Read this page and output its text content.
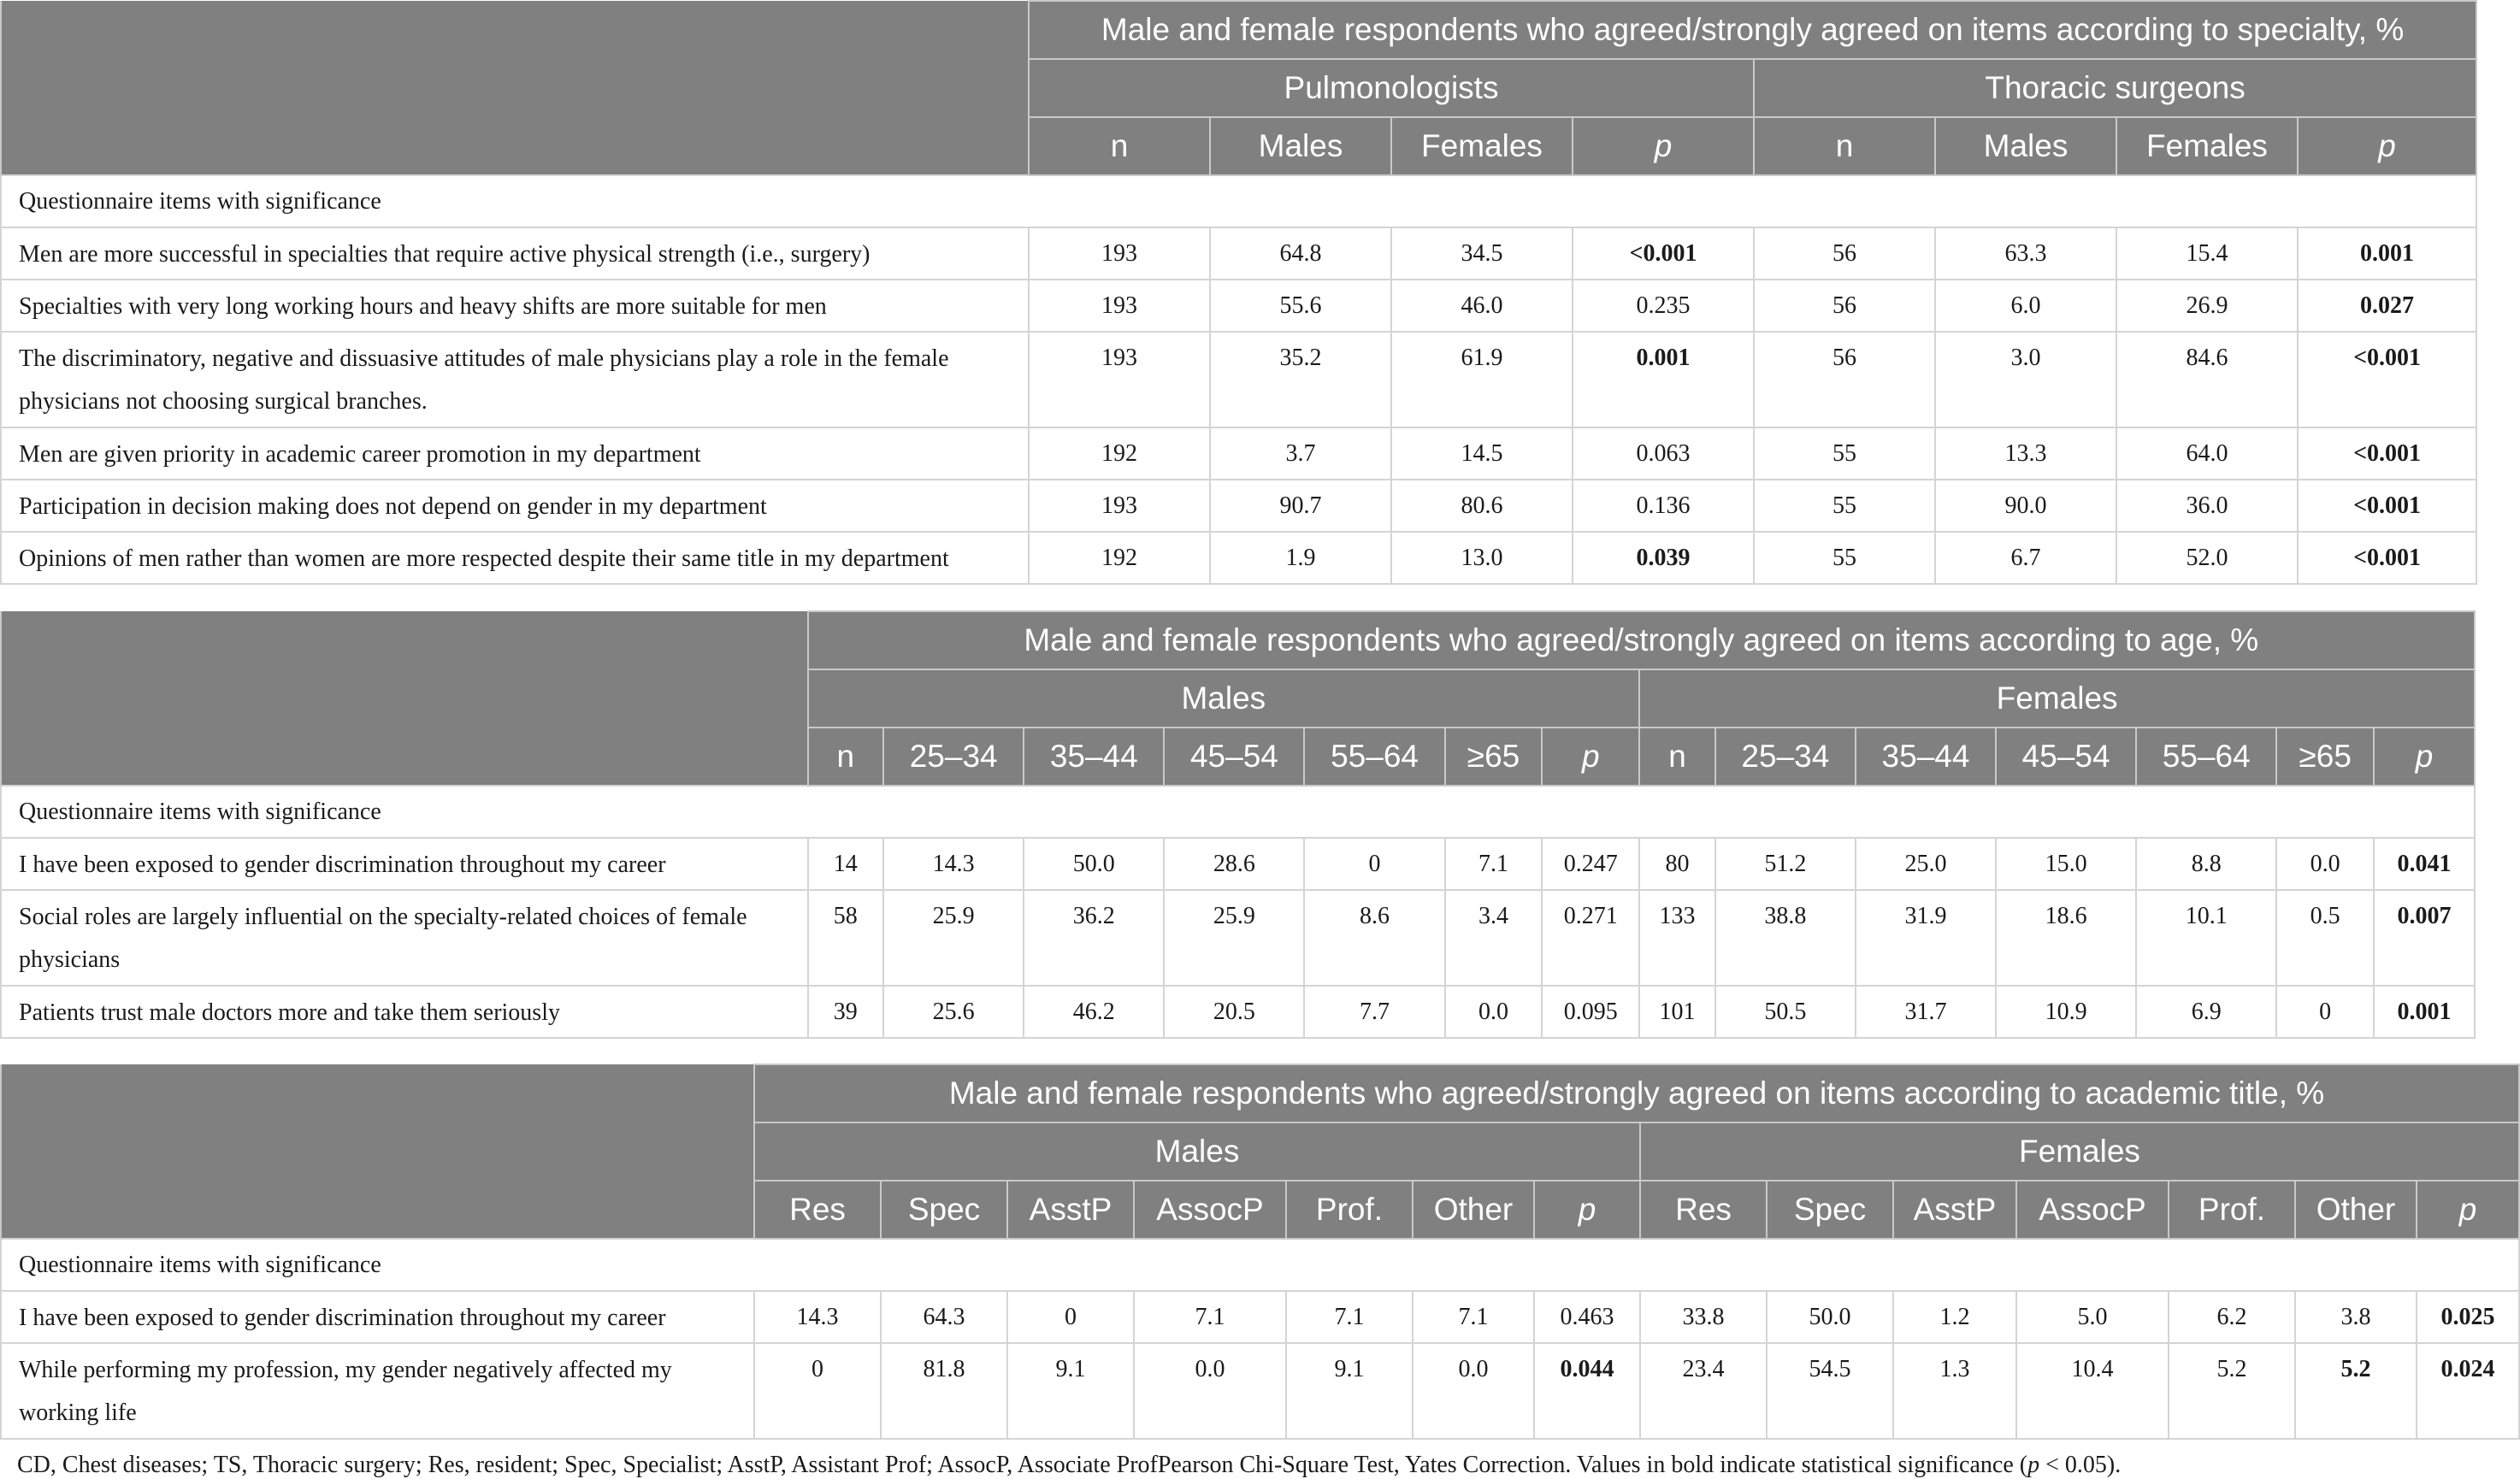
	Male and female respondents who agreed/strongly agreed on items according to specialty, %							
	Pulmonologists				Thoracic surgeons			
	n	Males	Females	p	n	Males	Females	p
Questionnaire items with significance								
Men are more successful in specialties that require active physical strength (i.e., surgery)	193	64.8	34.5	<0.001	56	63.3	15.4	0.001
Specialties with very long working hours and heavy shifts are more suitable for men	193	55.6	46.0	0.235	56	6.0	26.9	0.027
The discriminatory, negative and dissuasive attitudes of male physicians play a role in the female physicians not choosing surgical branches.	193	35.2	61.9	0.001	56	3.0	84.6	<0.001
Men are given priority in academic career promotion in my department	192	3.7	14.5	0.063	55	13.3	64.0	<0.001
Participation in decision making does not depend on gender in my department	193	90.7	80.6	0.136	55	90.0	36.0	<0.001
Opinions of men rather than women are more respected despite their same title in my department	192	1.9	13.0	0.039	55	6.7	52.0	<0.001
	Male and female respondents who agreed/strongly agreed on items according to age, %													
	Males							Females						
	n	25–34	35–44	45–54	55–64	≥65	p	n	25–34	35–44	45–54	55–64	≥65	p
Questionnaire items with significance														
I have been exposed to gender discrimination throughout my career	14	14.3	50.0	28.6	0	7.1	0.247	80	51.2	25.0	15.0	8.8	0.0	0.041
Social roles are largely influential on the specialty-related choices of female physicians	58	25.9	36.2	25.9	8.6	3.4	0.271	133	38.8	31.9	18.6	10.1	0.5	0.007
Patients trust male doctors more and take them seriously	39	25.6	46.2	20.5	7.7	0.0	0.095	101	50.5	31.7	10.9	6.9	0	0.001
	Male and female respondents who agreed/strongly agreed on items according to academic title, %													
	Males							Females						
	Res	Spec	AsstP	AssocP	Prof.	Other	p	Res	Spec	AsstP	AssocP	Prof.	Other	p
Questionnaire items with significance														
I have been exposed to gender discrimination throughout my career	14.3	64.3	0	7.1	7.1	7.1	0.463	33.8	50.0	1.2	5.0	6.2	3.8	0.025
While performing my profession, my gender negatively affected my working life	0	81.8	9.1	0.0	9.1	0.0	0.044	23.4	54.5	1.3	10.4	5.2	5.2	0.024
CD, Chest diseases; TS, Thoracic surgery; Res, resident; Spec, Specialist; AsstP, Assistant Prof; AssocP, Associate ProfPearson Chi-Square Test, Yates Correction. Values in bold indicate statistical significance (p < 0.05).
